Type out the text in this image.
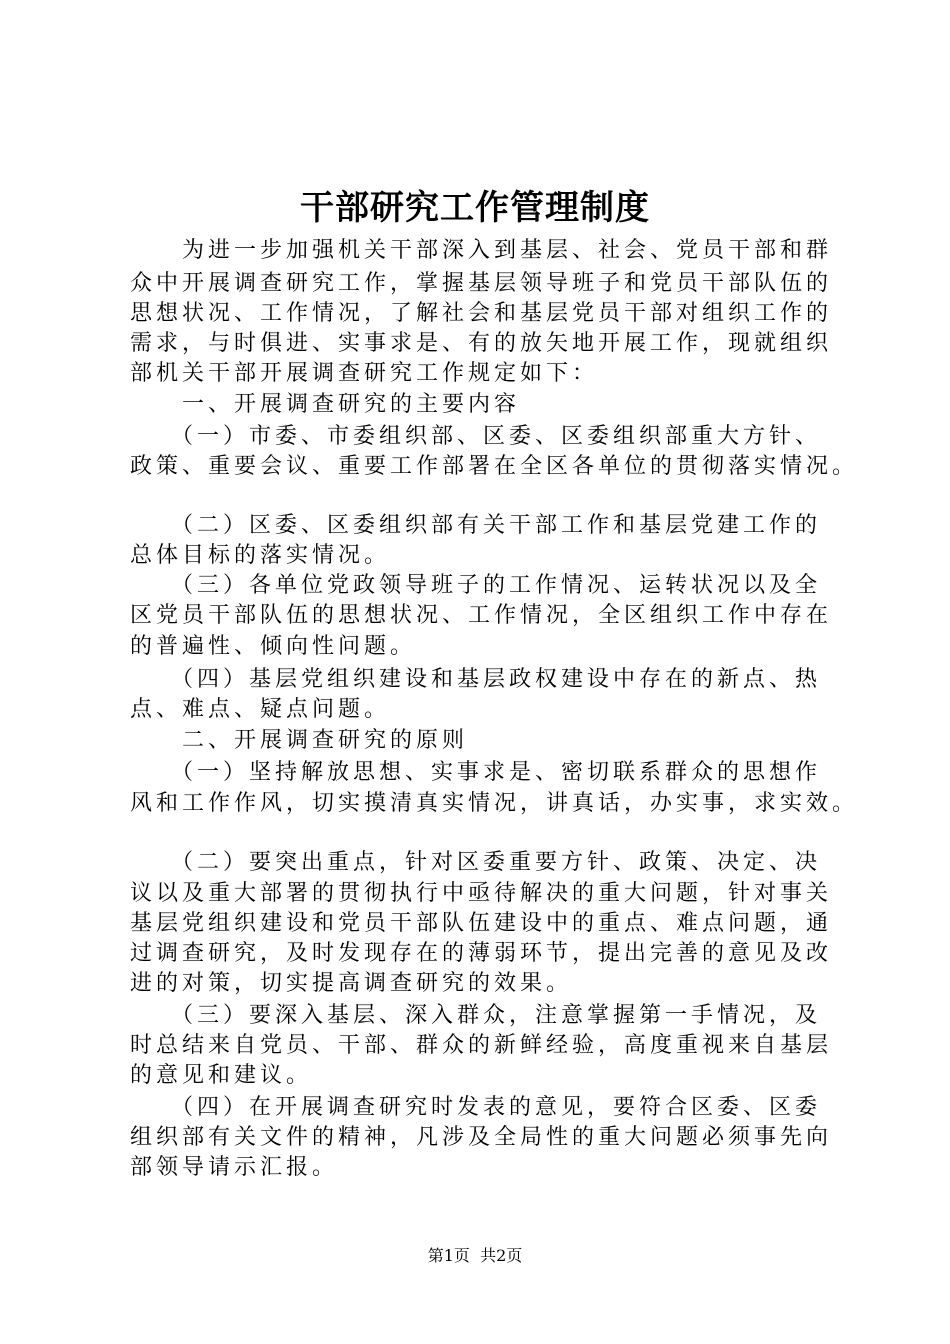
干部研究工作管理制度
　　为进一步加强机关干部深入到基层、社会、党员干部和群
众中开展调查研究工作，掌握基层领导班子和党员干部队伍的
思想状况、工作情况，了解社会和基层党员干部对组织工作的
需求，与时俱进、实事求是、有的放矢地开展工作，现就组织
部机关干部开展调查研究工作规定如下：
　　一、开展调查研究的主要内容
　　（一）市委、市委组织部、区委、区委组织部重大方针、
政策、重要会议、重要工作部署在全区各单位的贯彻落实情况。
　　（二）区委、区委组织部有关干部工作和基层党建工作的
总体目标的落实情况。
　　（三）各单位党政领导班子的工作情况、运转状况以及全
区党员干部队伍的思想状况、工作情况，全区组织工作中存在
的普遍性、倾向性问题。
　　（四）基层党组织建设和基层政权建设中存在的新点、热
点、难点、疑点问题。
　　二、开展调查研究的原则
　　（一）坚持解放思想、实事求是、密切联系群众的思想作
风和工作作风，切实摸清真实情况，讲真话，办实事，求实效。
　　（二）要突出重点，针对区委重要方针、政策、决定、决
议以及重大部署的贯彻执行中亟待解决的重大问题，针对事关
基层党组织建设和党员干部队伍建设中的重点、难点问题，通
过调查研究，及时发现存在的薄弱环节，提出完善的意见及改
进的对策，切实提高调查研究的效果。
　　（三）要深入基层、深入群众，注意掌握第一手情况，及
时总结来自党员、干部、群众的新鲜经验，高度重视来自基层
的意见和建议。
　　（四）在开展调查研究时发表的意见，要符合区委、区委
组织部有关文件的精神，凡涉及全局性的重大问题必须事先向
部领导请示汇报。
第1页  共2页
